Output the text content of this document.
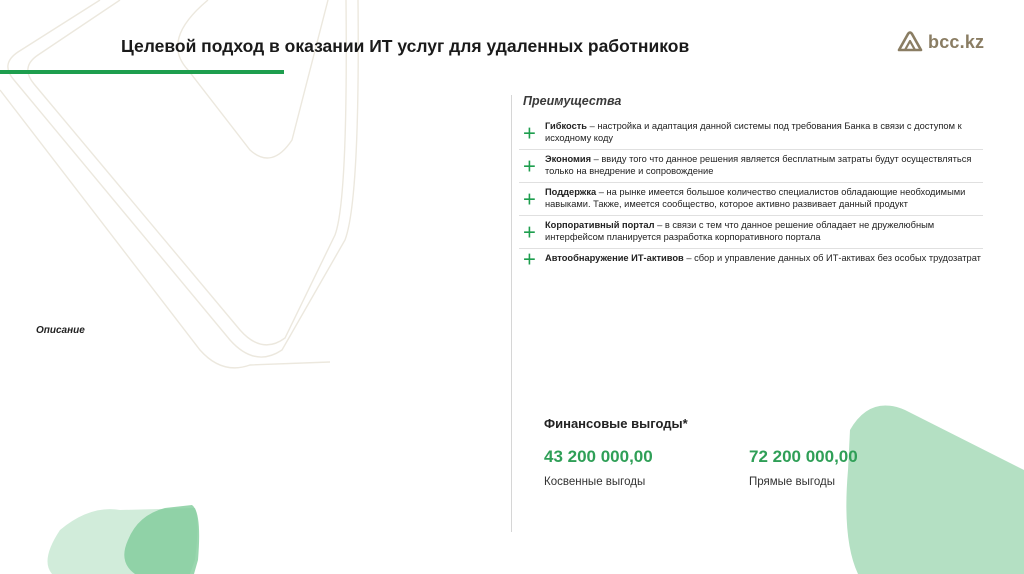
Целевой подход в оказании ИТ услуг для удаленных работников	bcc.kz
Описание
Преимущества
+ Гибкость – настройка и адаптация данной системы под требования Банка в связи с доступом к исходному коду
+ Экономия – ввиду того что данное решения является бесплатным затраты будут осуществляться только на внедрение и сопровождение
+ Поддержка – на рынке имеется большое количество специалистов обладающие необходимыми навыками. Также, имеется сообщество, которое активно развивает данный продукт
+ Корпоративный портал – в связи с тем что данное решение обладает не дружелюбным интерфейсом планируется разработка корпоративного портала
+ Автообнаружение ИТ-активов – сбор и управление данных об ИТ-активах без особых трудозатрат
Финансовые выгоды*
43 200 000,00
Косвенные выгоды
72 200 000,00
Прямые выгоды
